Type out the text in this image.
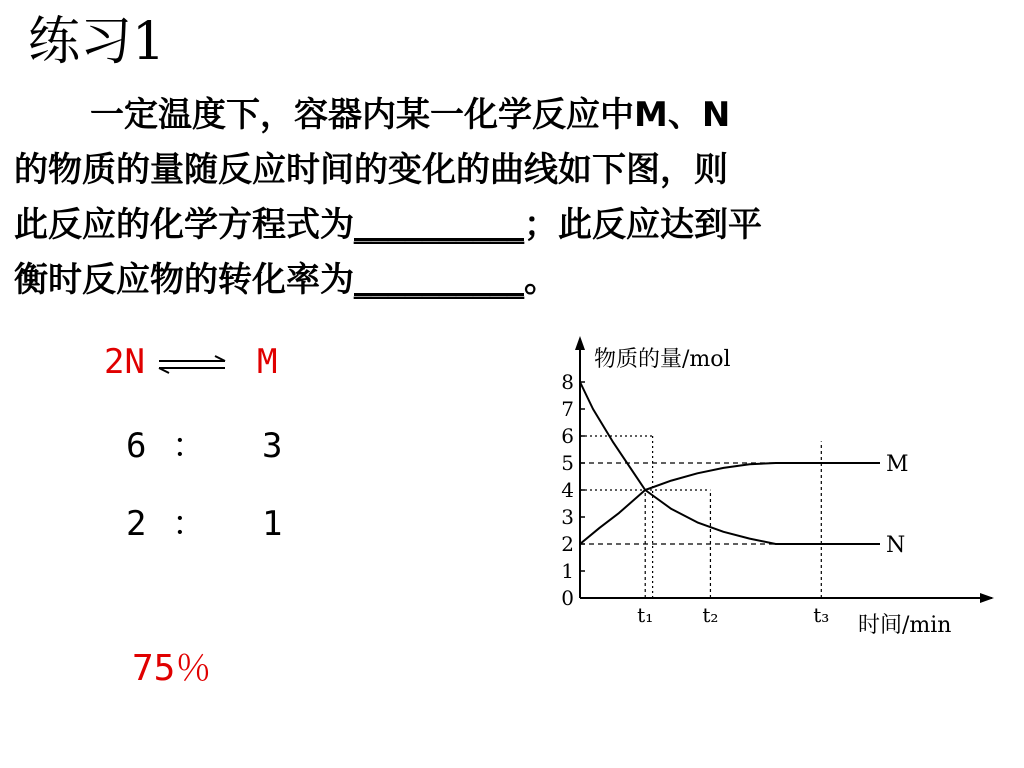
练习1
一定温度下，容器内某一化学反应中M、N
的物质的量随反应时间的变化的曲线如下图，则
此反应的化学方程式为__________；此反应达到平
衡时反应物的转化率为__________。
2N ⇌ M
6 ： 3
2 ： 1
75％
物质的量/mol
时间/min
0
1
2
3
4
5
6
7
8
t₁ t₂	t₃
M
N
